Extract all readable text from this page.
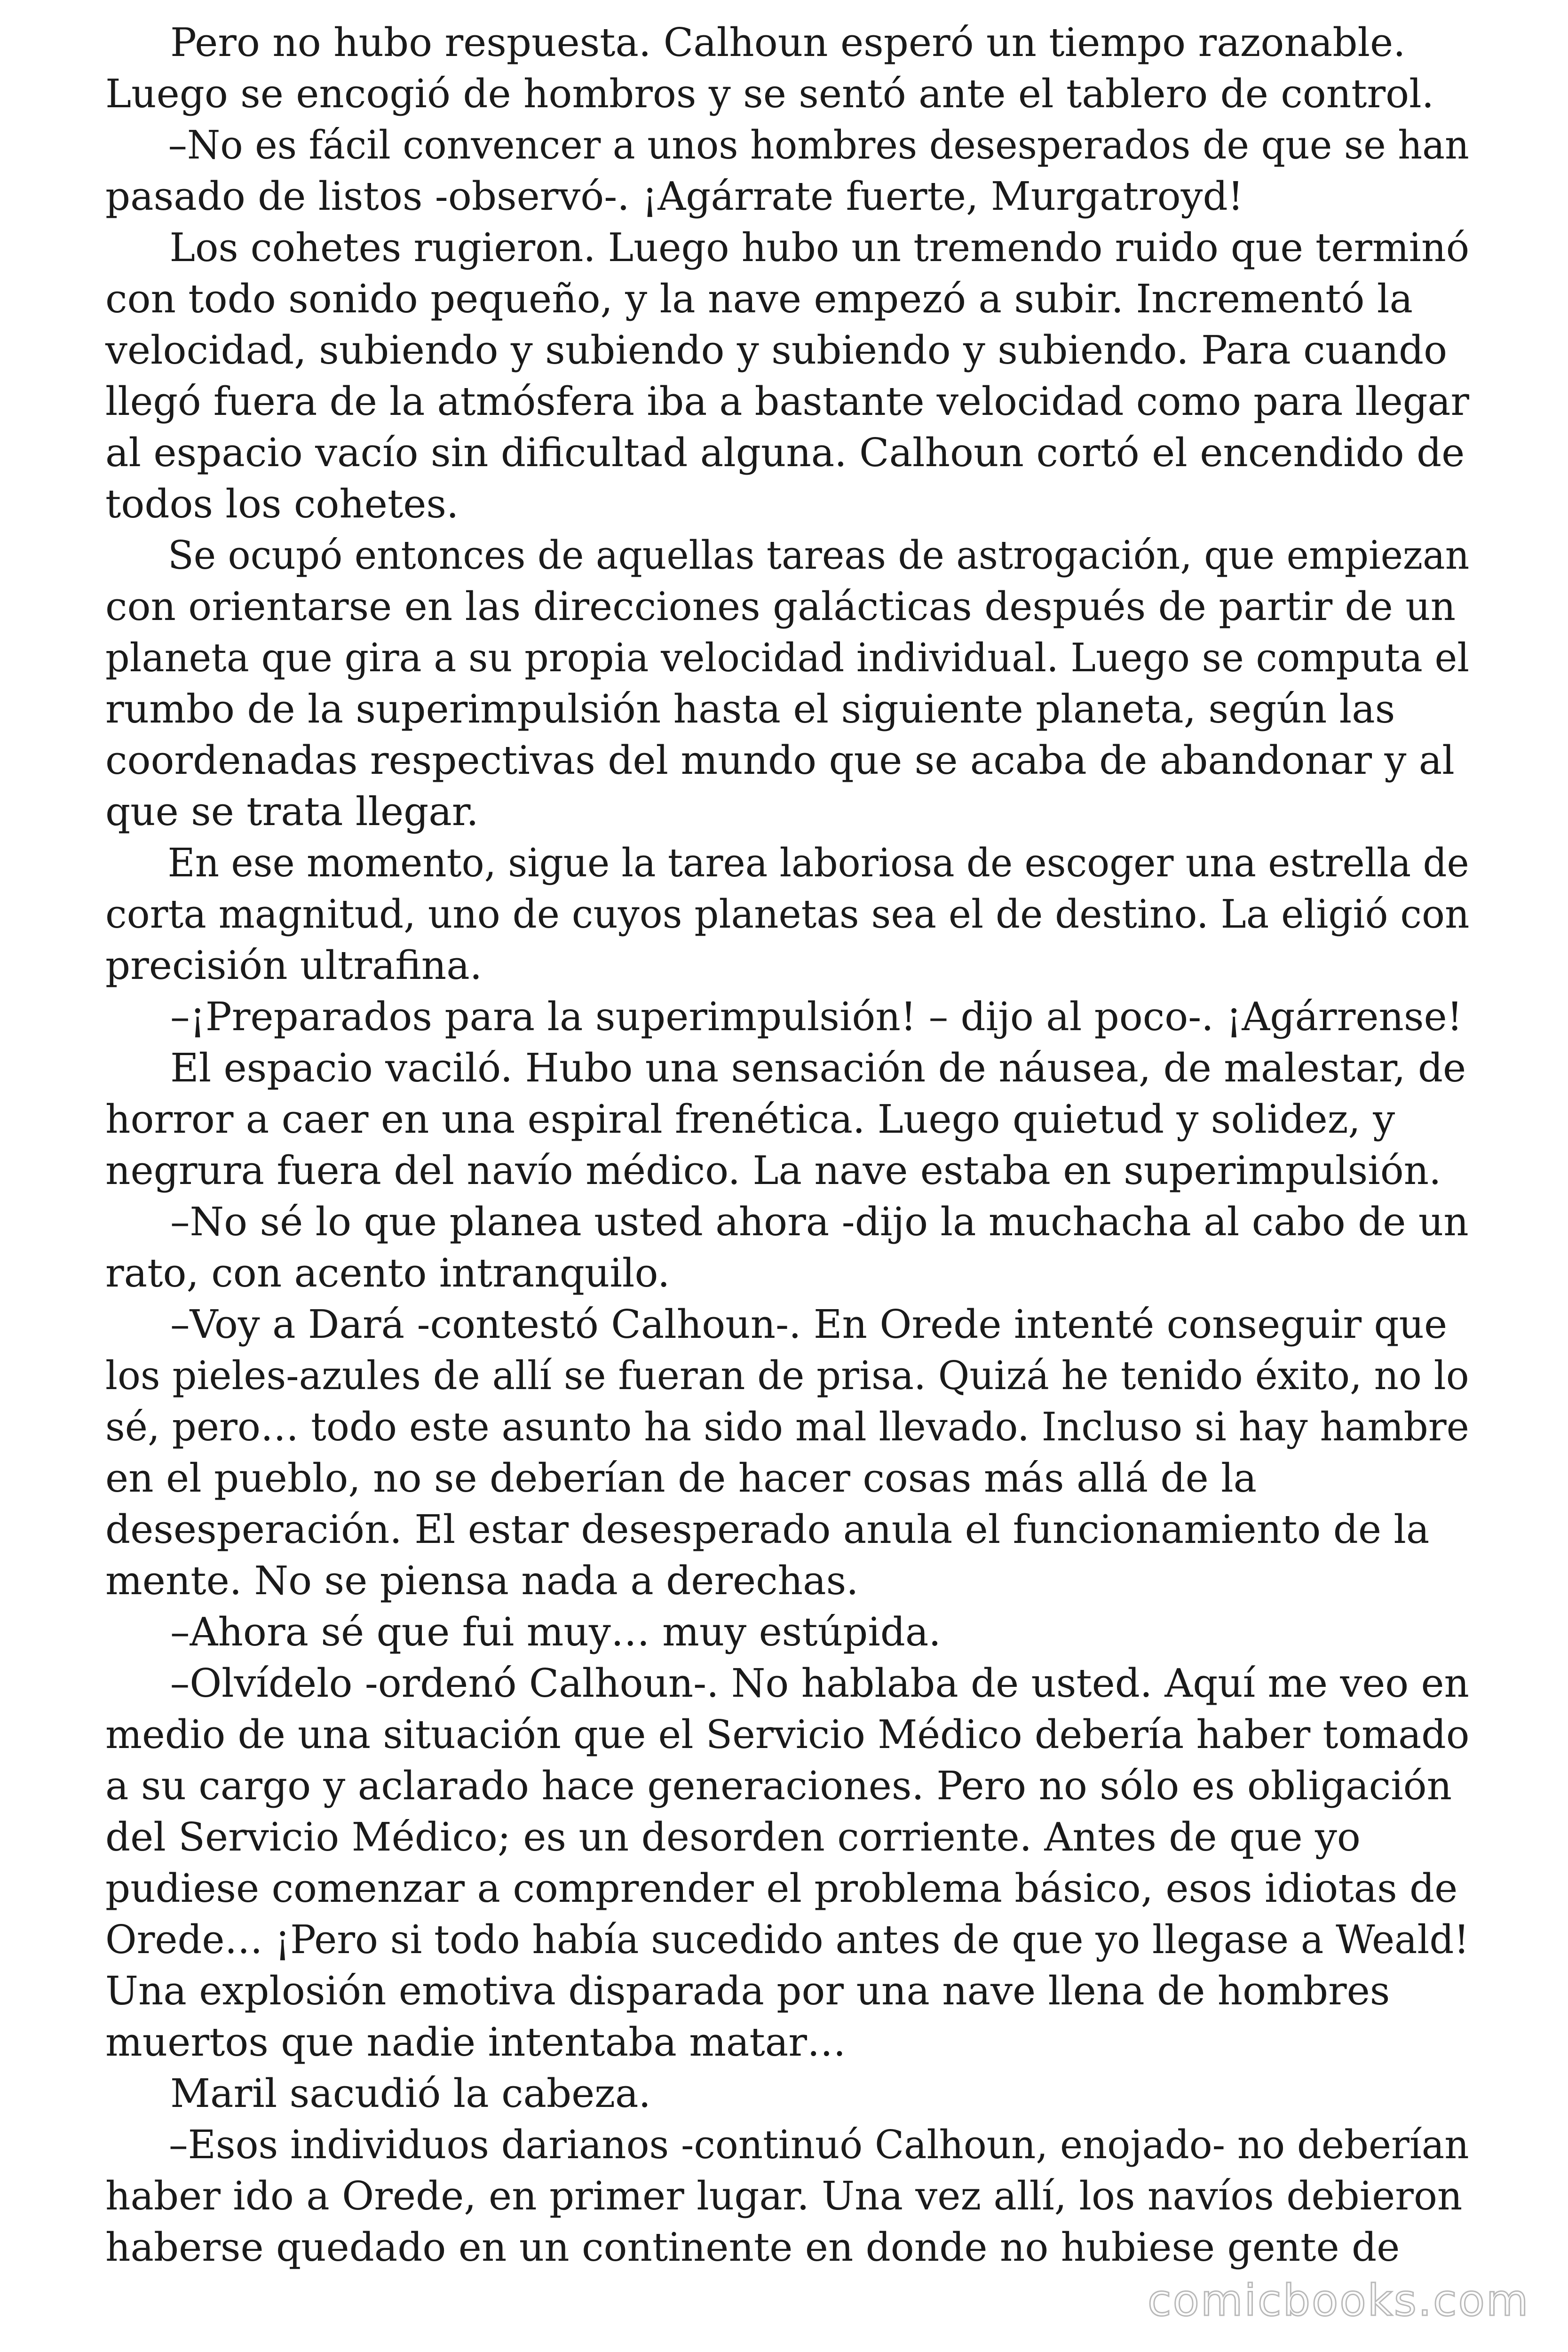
Pero no hubo respuesta. Calhoun esperó un tiempo razonable.
Luego se encogió de hombros y se sentó ante el tablero de control.
–No es fácil convencer a unos hombres desesperados de que se han
pasado de listos -observó-. ¡Agárrate fuerte, Murgatroyd!
Los cohetes rugieron. Luego hubo un tremendo ruido que terminó
con todo sonido pequeño, y la nave empezó a subir. Incrementó la
velocidad, subiendo y subiendo y subiendo y subiendo. Para cuando
llegó fuera de la atmósfera iba a bastante velocidad como para llegar
al espacio vacío sin dificultad alguna. Calhoun cortó el encendido de
todos los cohetes.
Se ocupó entonces de aquellas tareas de astrogación, que empiezan
con orientarse en las direcciones galácticas después de partir de un
planeta que gira a su propia velocidad individual. Luego se computa el
rumbo de la superimpulsión hasta el siguiente planeta, según las
coordenadas respectivas del mundo que se acaba de abandonar y al
que se trata llegar.
En ese momento, sigue la tarea laboriosa de escoger una estrella de
corta magnitud, uno de cuyos planetas sea el de destino. La eligió con
precisión ultrafina.
–¡Preparados para la superimpulsión! – dijo al poco-. ¡Agárrense!
El espacio vaciló. Hubo una sensación de náusea, de malestar, de
horror a caer en una espiral frenética. Luego quietud y solidez, y
negrura fuera del navío médico. La nave estaba en superimpulsión.
–No sé lo que planea usted ahora -dijo la muchacha al cabo de un
rato, con acento intranquilo.
–Voy a Dará -contestó Calhoun-. En Orede intenté conseguir que
los pieles-azules de allí se fueran de prisa. Quizá he tenido éxito, no lo
sé, pero… todo este asunto ha sido mal llevado. Incluso si hay hambre
en el pueblo, no se deberían de hacer cosas más allá de la
desesperación. El estar desesperado anula el funcionamiento de la
mente. No se piensa nada a derechas.
–Ahora sé que fui muy… muy estúpida.
–Olvídelo -ordenó Calhoun-. No hablaba de usted. Aquí me veo en
medio de una situación que el Servicio Médico debería haber tomado
a su cargo y aclarado hace generaciones. Pero no sólo es obligación
del Servicio Médico; es un desorden corriente. Antes de que yo
pudiese comenzar a comprender el problema básico, esos idiotas de
Orede… ¡Pero si todo había sucedido antes de que yo llegase a Weald!
Una explosión emotiva disparada por una nave llena de hombres
muertos que nadie intentaba matar…
Maril sacudió la cabeza.
–Esos individuos darianos -continuó Calhoun, enojado- no deberían
haber ido a Orede, en primer lugar. Una vez allí, los navíos debieron
haberse quedado en un continente en donde no hubiese gente de
comicbooks.com
